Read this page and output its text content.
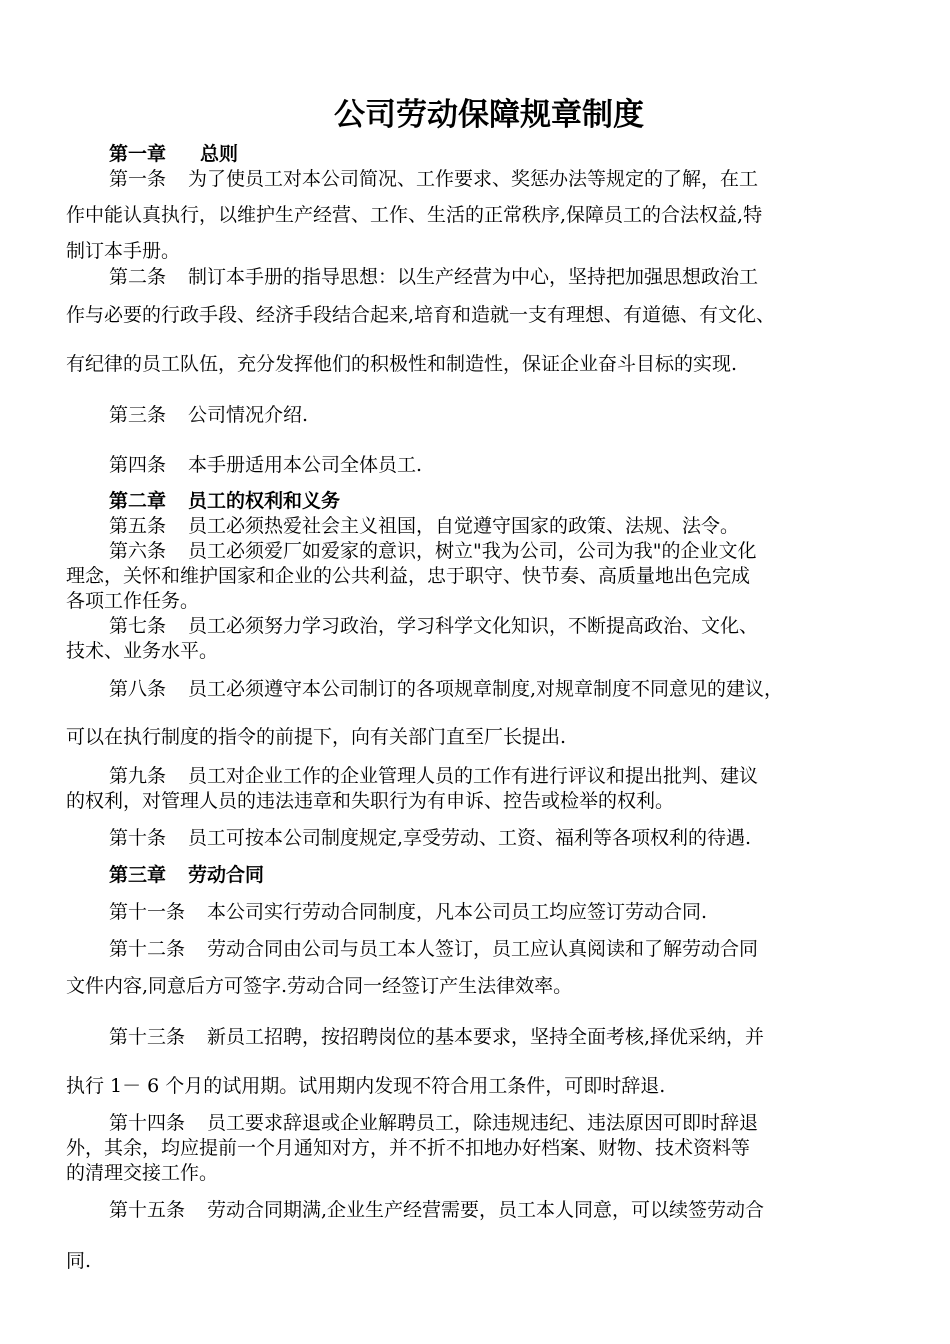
公司劳动保障规章制度
第一章 总则
第一条 为了使员工对本公司简况、工作要求、奖惩办法等规定的了解，在工
作中能认真执行，以维护生产经营、工作、生活的正常秩序,保障员工的合法权益,特
制订本手册。
第二条 制订本手册的指导思想：以生产经营为中心，坚持把加强思想政治工
作与必要的行政手段、经济手段结合起来,培育和造就一支有理想、有道德、有文化、
有纪律的员工队伍，充分发挥他们的积极性和制造性，保证企业奋斗目标的实现.
第三条 公司情况介绍.
第四条 本手册适用本公司全体员工.
第二章 员工的权利和义务
第五条 员工必须热爱社会主义祖国，自觉遵守国家的政策、法规、法令。
第六条 员工必须爱厂如爱家的意识，树立"我为公司，公司为我"的企业文化
理念，关怀和维护国家和企业的公共利益，忠于职守、快节奏、高质量地出色完成
各项工作任务。
第七条 员工必须努力学习政治，学习科学文化知识，不断提高政治、文化、
技术、业务水平。
第八条 员工必须遵守本公司制订的各项规章制度,对规章制度不同意见的建议，
可以在执行制度的指令的前提下，向有关部门直至厂长提出.
第九条 员工对企业工作的企业管理人员的工作有进行评议和提出批判、建议
的权利，对管理人员的违法违章和失职行为有申诉、控告或检举的权利。
第十条 员工可按本公司制度规定,享受劳动、工资、福利等各项权利的待遇.
第三章 劳动合同
第十一条 本公司实行劳动合同制度，凡本公司员工均应签订劳动合同.
第十二条 劳动合同由公司与员工本人签订，员工应认真阅读和了解劳动合同
文件内容,同意后方可签字.劳动合同一经签订产生法律效率。
第十三条 新员工招聘，按招聘岗位的基本要求，坚持全面考核,择优采纳，并
执行 1－ 6 个月的试用期。试用期内发现不符合用工条件，可即时辞退.
第十四条 员工要求辞退或企业解聘员工，除违规违纪、违法原因可即时辞退
外，其余，均应提前一个月通知对方，并不折不扣地办好档案、财物、技术资料等
的清理交接工作。
第十五条 劳动合同期满,企业生产经营需要，员工本人同意，可以续签劳动合
同.
